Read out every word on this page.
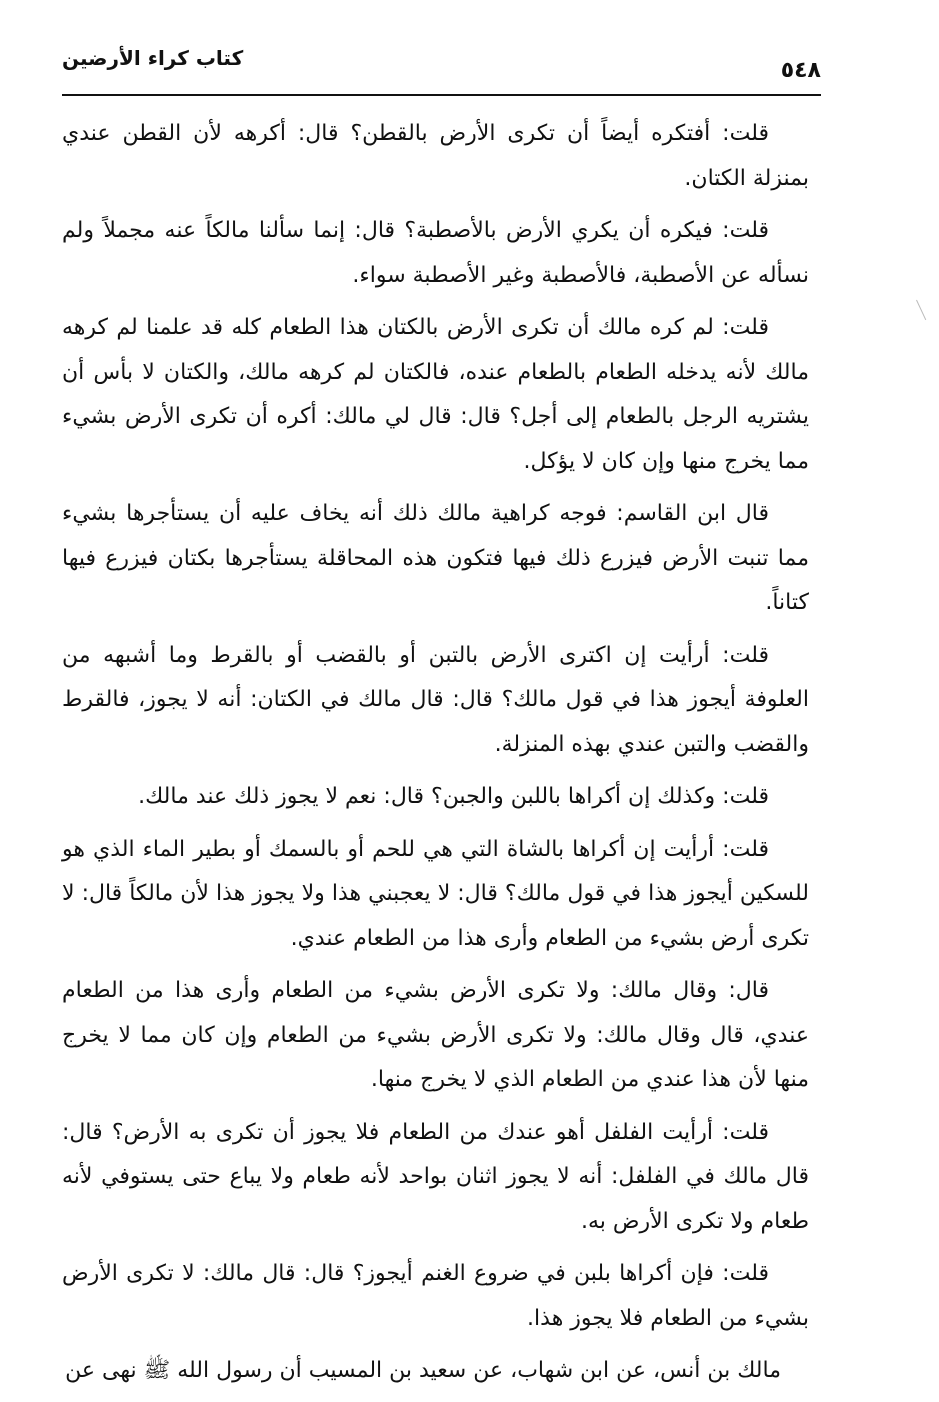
٥٤٨
كتاب كراء الأرضين

قلت: أفتكره أيضاً أن تكرى الأرض بالقطن؟ قال: أكرهه لأن القطن عندي بمنزلة الكتان.

قلت: فيكره أن يكري الأرض بالأصطبة؟ قال: إنما سألنا مالكاً عنه مجملاً ولم نسأله عن الأصطبة، فالأصطبة وغير الأصطبة سواء.

قلت: لم كره مالك أن تكرى الأرض بالكتان هذا الطعام كله قد علمنا لم كرهه مالك لأنه يدخله الطعام بالطعام عنده، فالكتان لم كرهه مالك، والكتان لا بأس أن يشتريه الرجل بالطعام إلى أجل؟ قال: قال لي مالك: أكره أن تكرى الأرض بشيء مما يخرج منها وإن كان لا يؤكل.

قال ابن القاسم: فوجه كراهية مالك ذلك أنه يخاف عليه أن يستأجرها بشيء مما تنبت الأرض فيزرع ذلك فيها فتكون هذه المحاقلة يستأجرها بكتان فيزرع فيها كتاناً.

قلت: أرأيت إن اكترى الأرض بالتبن أو بالقضب أو بالقرط وما أشبهه من العلوفة أيجوز هذا في قول مالك؟ قال: قال مالك في الكتان: أنه لا يجوز، فالقرط والقضب والتبن عندي بهذه المنزلة.

قلت: وكذلك إن أكراها باللبن والجبن؟ قال: نعم لا يجوز ذلك عند مالك.

قلت: أرأيت إن أكراها بالشاة التي هي للحم أو بالسمك أو بطير الماء الذي هو للسكين أيجوز هذا في قول مالك؟ قال: لا يعجبني هذا ولا يجوز هذا لأن مالكاً قال: لا تكرى أرض بشيء من الطعام وأرى هذا من الطعام عندي.

قال: وقال مالك: ولا تكرى الأرض بشيء من الطعام وأرى هذا من الطعام عندي، قال وقال مالك: ولا تكرى الأرض بشيء من الطعام وإن كان مما لا يخرج منها لأن هذا عندي من الطعام الذي لا يخرج منها.

قلت: أرأيت الفلفل أهو عندك من الطعام فلا يجوز أن تكرى به الأرض؟ قال: قال مالك في الفلفل: أنه لا يجوز اثنان بواحد لأنه طعام ولا يباع حتى يستوفي لأنه طعام ولا تكرى الأرض به.

قلت: فإن أكراها بلبن في ضروع الغنم أيجوز؟ قال: قال مالك: لا تكرى الأرض بشيء من الطعام فلا يجوز هذا.

مالك بن أنس، عن ابن شهاب، عن سعيد بن المسيب أن رسول الله ﷺ نهى عن
